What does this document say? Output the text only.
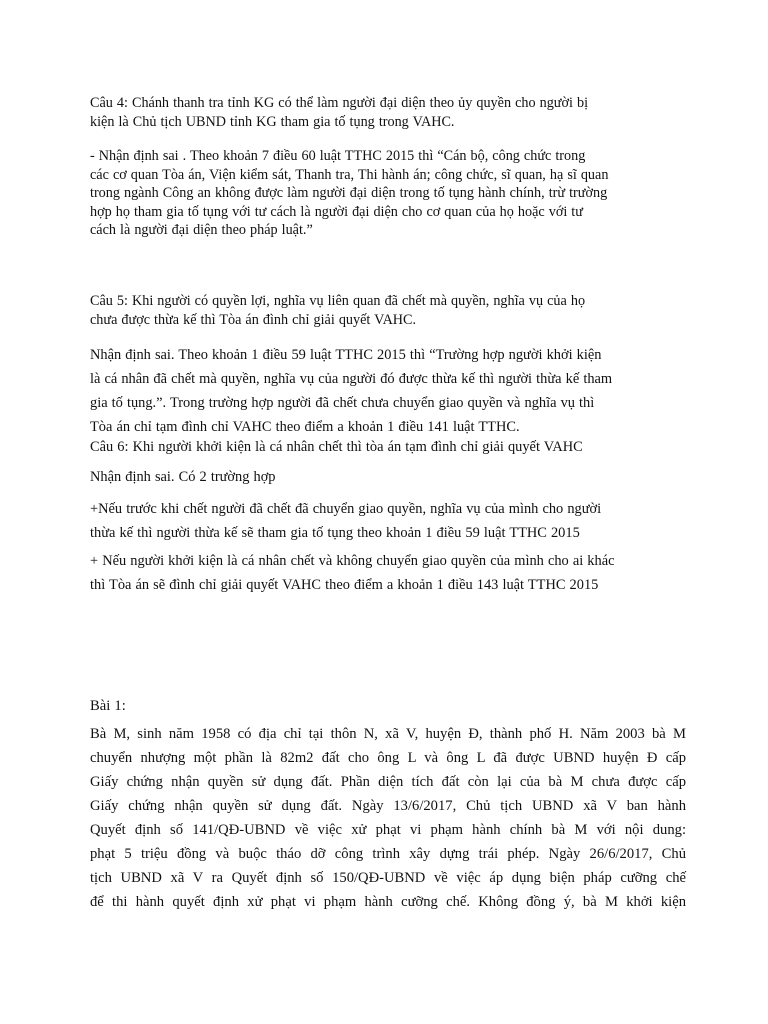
Câu 4: Chánh thanh tra tỉnh KG có thể làm người đại diện theo ủy quyền cho người bị
kiện là Chủ tịch UBND tỉnh KG tham gia tố tụng trong VAHC.
- Nhận định sai . Theo khoản 7 điều 60 luật TTHC 2015 thì “Cán bộ, công chức trong
các cơ quan Tòa án, Viện kiểm sát, Thanh tra, Thi hành án; công chức, sĩ quan, hạ sĩ quan
trong ngành Công an không được làm người đại diện trong tố tụng hành chính, trừ trường
hợp họ tham gia tố tụng với tư cách là người đại diện cho cơ quan của họ hoặc với tư
cách là người đại diện theo pháp luật.”
Câu 5: Khi người có quyền lợi, nghĩa vụ liên quan đã chết mà quyền, nghĩa vụ của họ
chưa được thừa kế thì Tòa án đình chỉ giải quyết VAHC.
Nhận định sai. Theo khoản 1 điều 59 luật TTHC 2015 thì “Trường hợp người khởi kiện
là cá nhân đã chết mà quyền, nghĩa vụ của người đó được thừa kế thì người thừa kế tham
gia tố tụng.”. Trong trường hợp người đã chết chưa chuyển giao quyền và nghĩa vụ thì
Tòa án chỉ tạm đình chỉ VAHC theo điểm a khoản 1 điều 141 luật TTHC.
Câu 6: Khi người khởi kiện là cá nhân chết thì tòa án tạm đình chỉ giải quyết VAHC
Nhận định sai. Có 2 trường hợp
+Nếu trước khi chết người đã chết đã chuyển giao quyền, nghĩa vụ của mình cho người
thừa kế thì người thừa kế sẽ tham gia tố tụng theo khoản 1 điều 59 luật TTHC 2015
+ Nếu người khởi kiện là cá nhân chết và không chuyển giao quyền của mình cho ai khác
thì Tòa án sẽ đình chỉ giải quyết VAHC theo điểm a khoản 1 điều 143 luật TTHC 2015
Bài 1:
Bà M, sinh năm 1958 có địa chỉ tại thôn N, xã V, huyện Đ, thành phố H. Năm 2003 bà M
chuyển nhượng một phần là 82m2 đất cho ông L và ông L đã được UBND huyện Đ cấp
Giấy chứng nhận quyền sử dụng đất. Phần diện tích đất còn lại của bà M chưa được cấp
Giấy chứng nhận quyền sử dụng đất. Ngày 13/6/2017, Chủ tịch UBND xã V ban hành
Quyết định số 141/QĐ-UBND về việc xử phạt vi phạm hành chính bà M với nội dung:
phạt 5 triệu đồng và buộc tháo dỡ công trình xây dựng trái phép. Ngày 26/6/2017, Chủ
tịch UBND xã V ra Quyết định số 150/QĐ-UBND về việc áp dụng biện pháp cưỡng chế
để thi hành quyết định xử phạt vi phạm hành cưỡng chế. Không đồng ý, bà M khởi kiện
